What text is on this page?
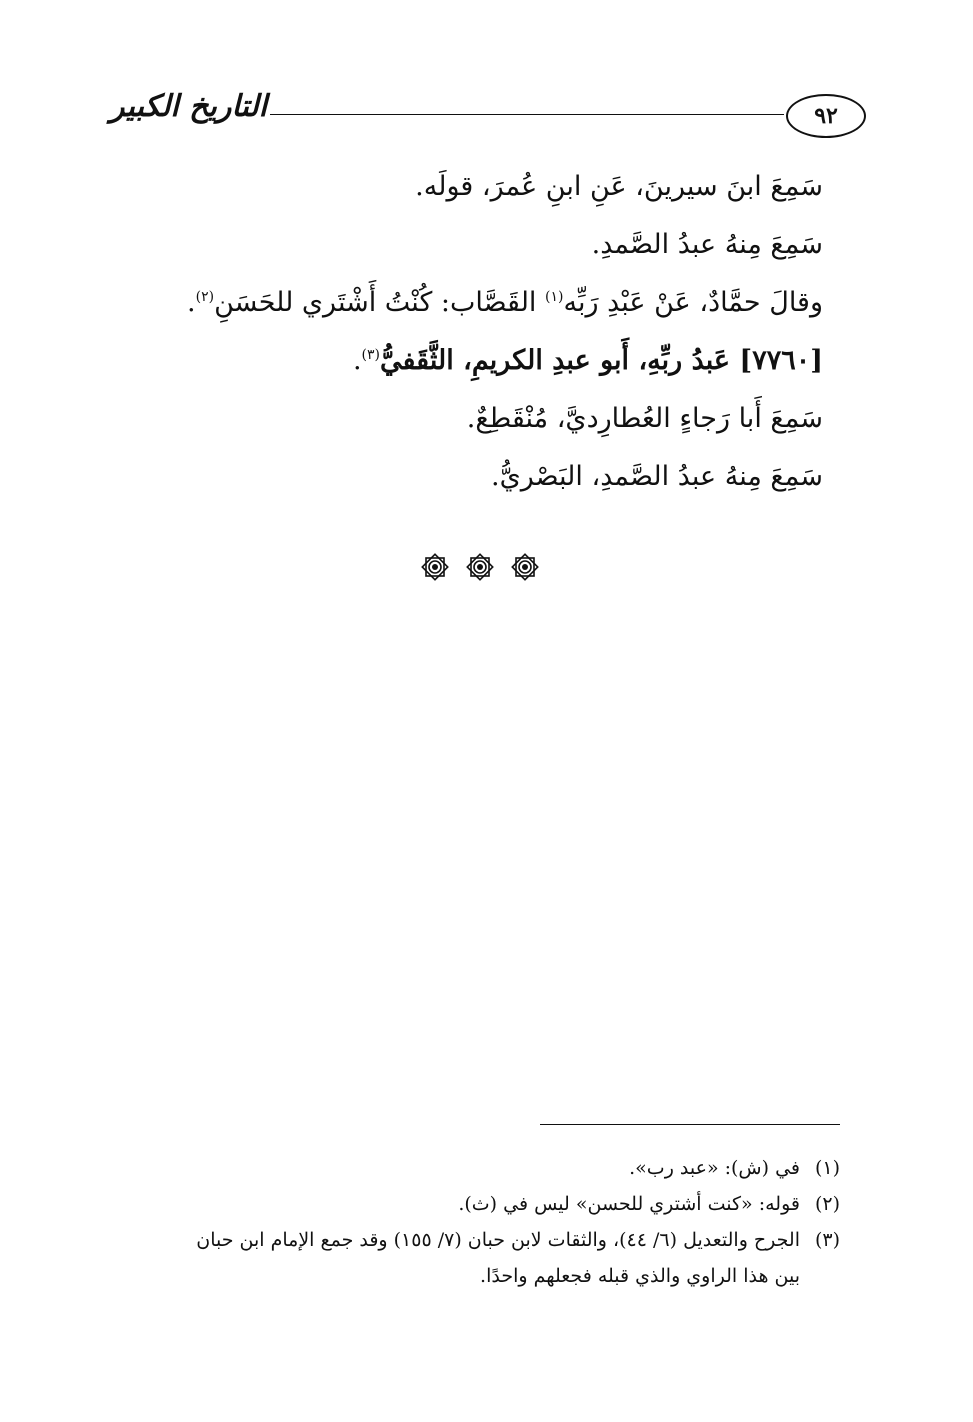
٩٢
التاريخ الكبير
سَمِعَ ابنَ سيرينَ، عَنِ ابنِ عُمرَ، قولَه.
سَمِعَ مِنهُ عبدُ الصَّمدِ.
وقالَ حمَّادٌ، عَنْ عَبْدِ رَبِّه$^{(١)}$ القَصَّاب: كُنْتُ أَشْتَري للحَسَنِ$^{(٢)}$.
[٧٧٦٠] عَبدُ ربِّهِ، أَبو عبدِ الكريمِ، الثَّقَفيُّ$^{(٣)}$.
سَمِعَ أَبا رَجاءٍ العُطارِديَّ، مُنْقَطِعٌ.
سَمِعَ مِنهُ عبدُ الصَّمدِ، البَصْريُّ.
(١)في (ش): «عبد رب».
(٢)قوله: «كنت أشتري للحسن» ليس في (ث).
(٣)الجرح والتعديل (٦/ ٤٤)، والثقات لابن حبان (٧/ ١٥٥) وقد جمع الإمام ابن حبان
بين هذا الراوي والذي قبله فجعلهم واحدًا.
